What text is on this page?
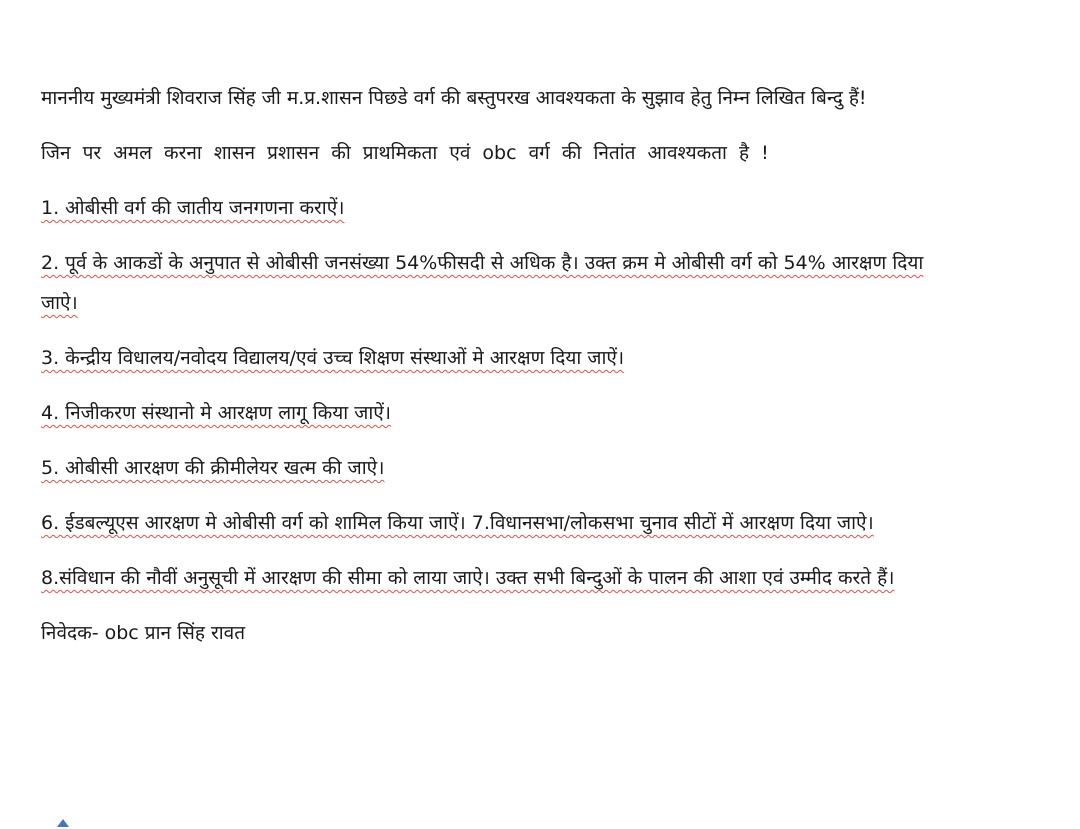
माननीय मुख्यमंत्री शिवराज सिंह जी म.प्र.शासन पिछडे वर्ग की बस्तुपरख आवश्यकता के सुझाव हेतु निम्न लिखित बिन्दु हैं!

जिन पर अमल करना शासन प्रशासन की प्राथमिकता एवं obc वर्ग की नितांत आवश्यकता है !

1. ओबीसी वर्ग की जातीय जनगणना कराऐं।

2. पूर्व के आकडों के अनुपात से ओबीसी जनसंख्या 54%फीसदी से अधिक है। उक्त क्रम मे ओबीसी वर्ग को 54% आरक्षण दिया जाऐ।

3. केन्द्रीय विधालय/नवोदय विद्यालय/एवं उच्च शिक्षण संस्थाओं मे आरक्षण दिया जाऐं।

4. निजीकरण संस्थानो मे आरक्षण लागू किया जाऐं।

5. ओबीसी आरक्षण की क्रीमीलेयर खत्म की जाऐ।

6. ईडबल्यूएस आरक्षण मे ओबीसी वर्ग को शामिल किया जाऐं। 7.विधानसभा/लोकसभा चुनाव सीटों में आरक्षण दिया जाऐ।

8.संविधान की नौवीं अनुसूची में आरक्षण की सीमा को लाया जाऐ। उक्त सभी बिन्दुओं के पालन की आशा एवं उम्मीद करते हैं।

निवेदक- obc प्रान सिंह रावत
